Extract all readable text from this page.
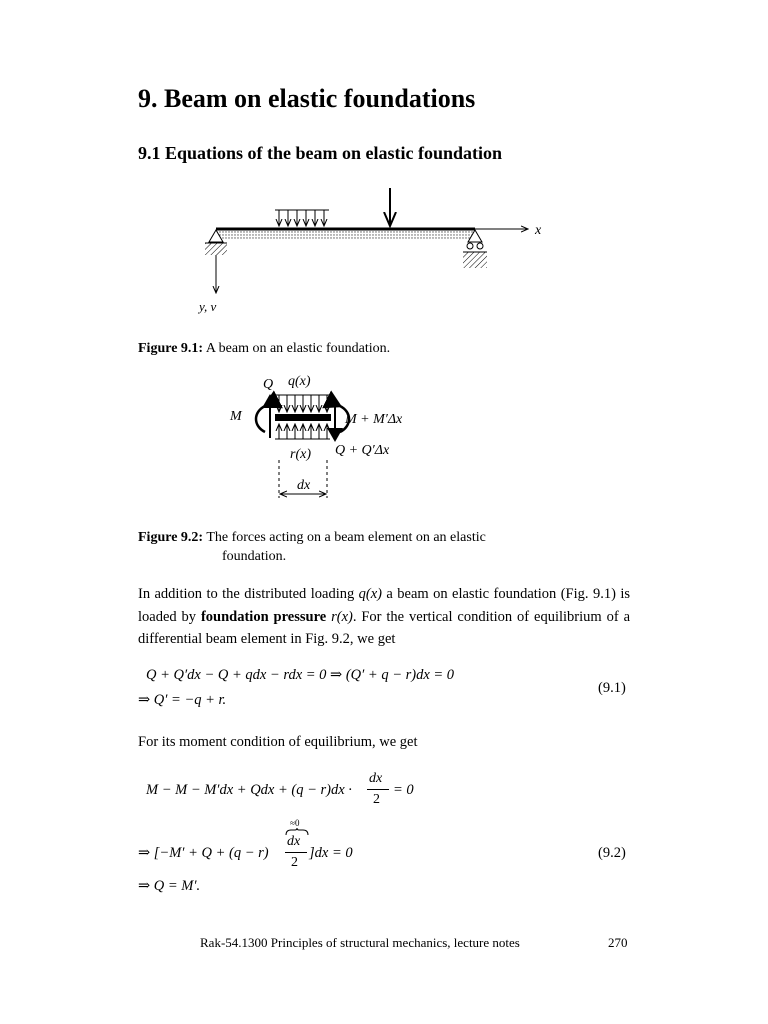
9. Beam on elastic foundations
9.1 Equations of the beam on elastic foundation
x
y, v
Figure 9.1: A beam on an elastic foundation.
Q q(x)
M	M + M′Δx
Q + Q′Δx
r(x)
dx
Figure 9.2: The forces acting on a beam element on an elastic
foundation.
In addition to the distributed loading q(x) a beam on elastic foundation (Fig. 9.1) is loaded by foundation pressure r(x). For the vertical condition of equilibrium of a differential beam element in Fig. 9.2, we get
Q + Q′dx − Q + qdx − rdx = 0 ⇒ (Q′ + q − r)dx = 0
⇒ Q′ = −q + r.
(9.1)
For its moment condition of equilibrium, we get
M − M − M′dx + Qdx + (q − r)dx ·
dx
2
= 0
≈0
⇒ [−M′ + Q + (q − r)
dx
2
]dx = 0	(9.2)
⇒ Q = M′.
Rak-54.1300 Principles of structural mechanics, lecture notes	270
